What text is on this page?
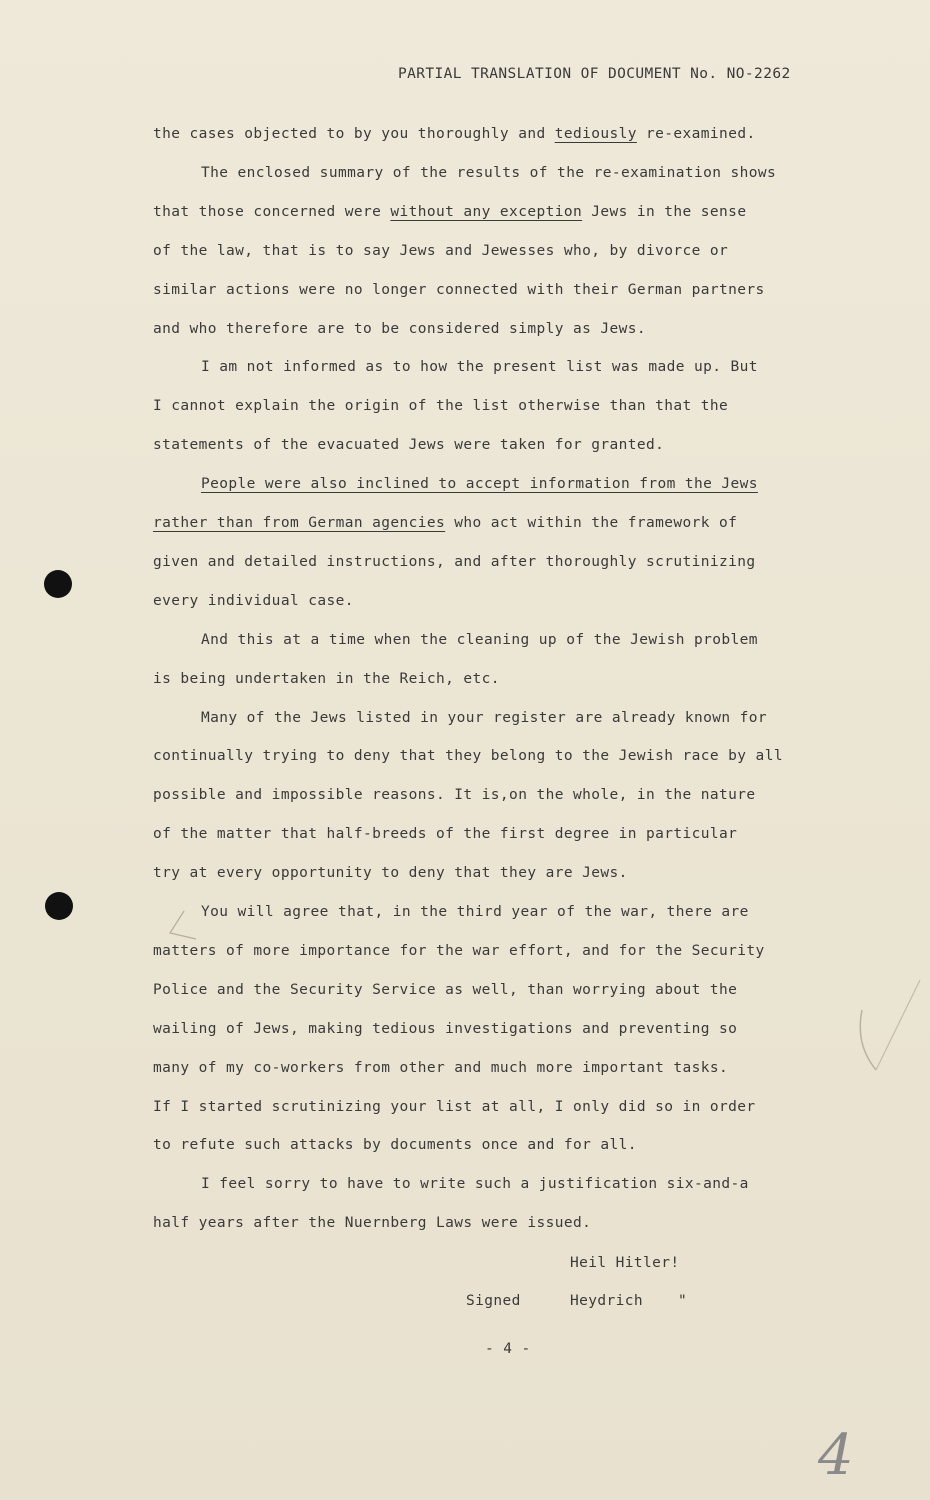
PARTIAL TRANSLATION OF DOCUMENT No. NO-2262
the cases objected to by you thoroughly and tediously re-examined.
The enclosed summary of the results of the re-examination shows
that those concerned were without any exception Jews in the sense
of the law, that is to say Jews and Jewesses who, by divorce or
similar actions were no longer connected with their German partners
and who therefore are to be considered simply as Jews.
I am not informed as to how the present list was made up. But
I cannot explain the origin of the list otherwise than that the
statements of the evacuated Jews were taken for granted.
People were also inclined to accept information from the Jews
rather than from German agencies who act within the framework of
given and detailed instructions, and after thoroughly scrutinizing
every individual case.
And this at a time when the cleaning up of the Jewish problem
is being undertaken in the Reich, etc.
Many of the Jews listed in your register are already known for
continually trying to deny that they belong to the Jewish race by all
possible and impossible reasons. It is,on the whole, in the nature
of the matter that half-breeds of the first degree in particular
try at every opportunity to deny that they are Jews.
You will agree that, in the third year of the war, there are
matters of more importance for the war effort, and for the Security
Police and the Security Service as well, than worrying about the
wailing of Jews, making tedious investigations and preventing so
many of my co-workers from other and much more important tasks.
If I started scrutinizing your list at all, I only did so in order
to refute such attacks by documents once and for all.
I feel sorry to have to write such a justification six-and-a
half years after the Nuernberg Laws were issued.
Heil Hitler!
Signed	Heydrich "
- 4 -
4
